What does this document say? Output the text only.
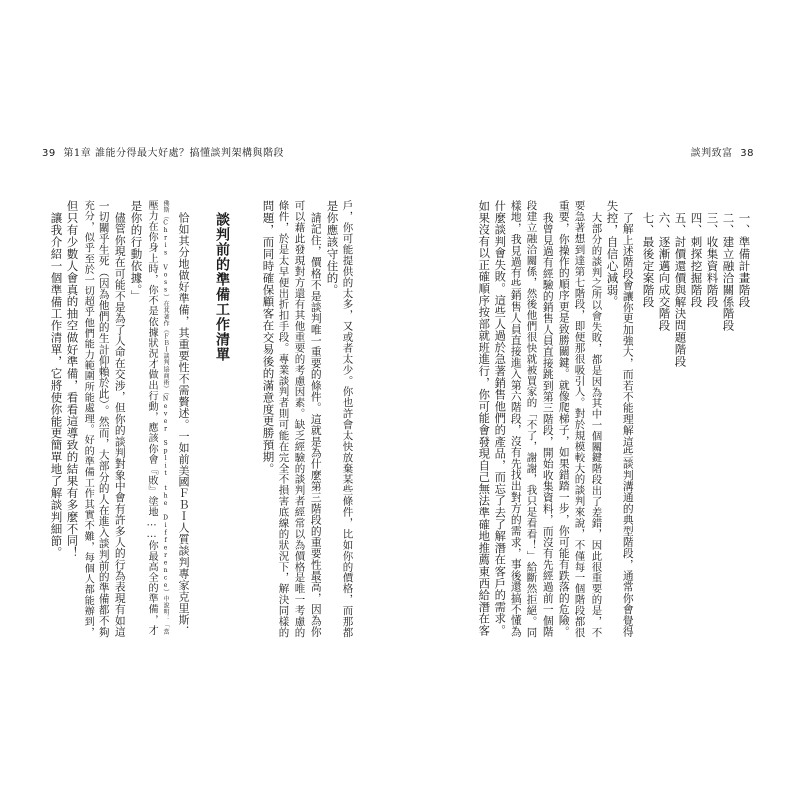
39 第1章 誰能分得最大好處？搞懂談判架構與階段	談判致富 38
一、準備計畫階段
二、建立融洽關係階段
三、收集資料階段
四、刺探挖掘階段
五、討價還價與解決問題階段
六、逐漸邁向成交階段
七、最後定案階段
了解上述階段會讓你更加強大，而若不能理解這些談判溝通的典型階段，通常你會覺得
失控，自信心減弱。
大部分的談判之所以會失敗，都是因為其中一個關鍵階段出了差錯，因此很重要的是，不
要急著想到達第七階段，即便那很吸引人。對於規模較大的談判來說，不僅每一個階段都很
重要，你操作的順序更是致勝關鍵。就像爬梯子，如果錯踏一步，你可能有跌落的危險。
我曾見過有經驗的銷售人員直接跳到第三階段，開始收集資料，而沒有先經過前一個階
段建立融洽關係，然後他們很快就被買家的「不了，謝謝，我只是看看！」給斷然拒絕。同
樣地，我見過有些銷售人員直接進入第六階段，沒有先找出對方的需求，事後還搞不懂為
什麼談判會失敗。這些人過於急著銷售他們的產品，而忘了去了解潛在客戶的需求。
如果沒有以正確順序按部就班進行，你可能會發現自己無法準確地推薦東西給潛在客
戶，你可能提供的太多，又或者太少。你也許會太快放棄某些條件，比如你的價格，而那都
是你應該守住的。
請記住，價格不是談判唯一重要的條件。這就是為什麼第三階段的重要性最高，因為你
可以藉此發現對方還有其他重要的考慮因素。缺乏經驗的談判者經常以為價格是唯一考慮的
條件，於是太早便出折扣手段。專業談判者則可能在完全不損害底線的狀況下，解決同樣的
問題，而同時確保顧客在交易後的滿意度更勝預期。
談判前的準備工作清單
恰如其分地做好準備，其重要性不需贅述。一如前美國ＦＢＩ人質談判專家克里斯．
佛斯（Chris Voss）在其著作《ＦＢＩ談判協商術》（Never Split the Difference）中說明：「當
壓力在你身上時，你不是依據狀況才做出行動，應該你會『敗』塗地……你最高全的準備，才
是你的行動依據。」
儘管你現在可能不是為了人命在交涉，但你的談判對象中會有許多人的行為表現有如這
一切關乎生死（因為他們的生計仰賴於此）。然而，大部分的人在進入談判前的準備都不夠
充分，似乎至於一切超乎他們能力範圍所能處理。好的準備工作其實不難，每個人都能辦到，
但只有少數人會真的抽空做好準備，看看這導致的結果有多麼不同！
讓我介紹一個準備工作清單，它將使你能更簡單地了解談判細節。
